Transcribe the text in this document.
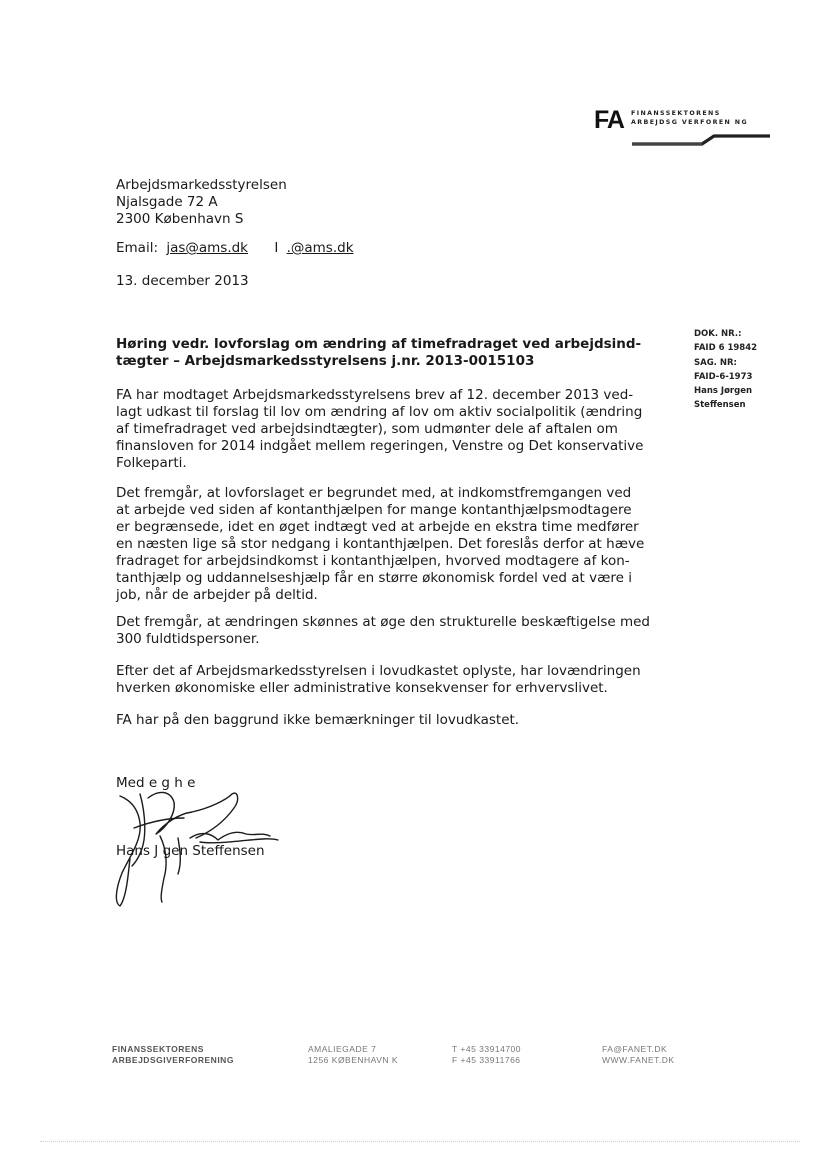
FA FINANSSEKTORENS
ARBEJDSG VERFOREN NG
Arbejdsmarkedsstyrelsen
Njalsgade 72 A
2300 København S
Email: jas@ams.dk I .@ams.dk
13. december 2013
DOK. NR.:
FAID 6 19842
SAG. NR:
FAID-6-1973
Hans Jørgen
Steffensen
Høring vedr. lovforslag om ændring af timefradraget ved arbejdsind-
tægter – Arbejdsmarkedsstyrelsens j.nr. 2013-0015103
FA har modtaget Arbejdsmarkedsstyrelsens brev af 12. december 2013 ved-
lagt udkast til forslag til lov om ændring af lov om aktiv socialpolitik (ændring
af timefradraget ved arbejdsindtægter), som udmønter dele af aftalen om
finansloven for 2014 indgået mellem regeringen, Venstre og Det konservative
Folkeparti.
Det fremgår, at lovforslaget er begrundet med, at indkomstfremgangen ved
at arbejde ved siden af kontanthjælpen for mange kontanthjælpsmodtagere
er begrænsede, idet en øget indtægt ved at arbejde en ekstra time medfører
en næsten lige så stor nedgang i kontanthjælpen. Det foreslås derfor at hæve
fradraget for arbejdsindkomst i kontanthjælpen, hvorved modtagere af kon-
tanthjælp og uddannelseshjælp får en større økonomisk fordel ved at være i
job, når de arbejder på deltid.
Det fremgår, at ændringen skønnes at øge den strukturelle beskæftigelse med
300 fuldtidspersoner.
Efter det af Arbejdsmarkedsstyrelsen i lovudkastet oplyste, har lovændringen
hverken økonomiske eller administrative konsekvenser for erhvervslivet.
FA har på den baggrund ikke bemærkninger til lovudkastet.
Med e g h e
Hans J gen Steffensen
FINANSSEKTORENS
ARBEJDSGIVERFORENING
AMALIEGADE 7
1256 KØBENHAVN K
T +45 33914700
F +45 33911766
FA@FANET.DK
WWW.FANET.DK
